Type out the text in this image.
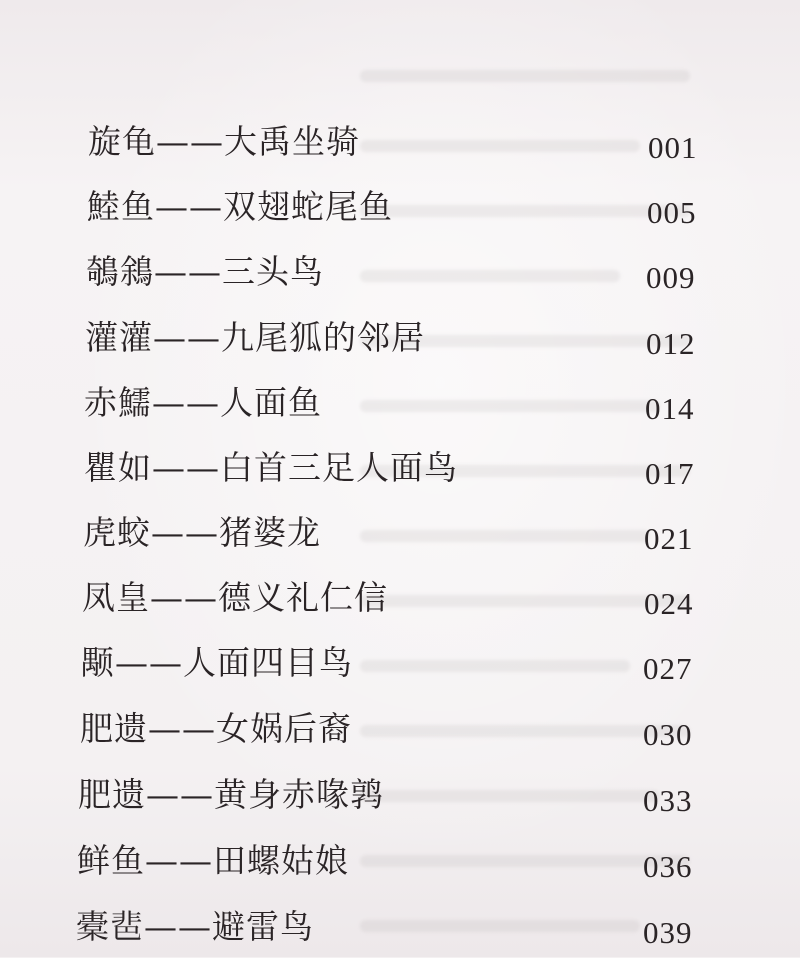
旋龟——大禹坐骑	001
鯥鱼——双翅蛇尾鱼	005
鵸䳜——三头鸟	009
灌灌——九尾狐的邻居	012
赤鱬——人面鱼	014
瞿如——白首三足人面鸟	017
虎蛟——猪婆龙	021
凤皇——德义礼仁信	024
颙——人面四目鸟	027
肥遗——女娲后裔	030
肥遗——黄身赤喙鹑	033
鲜鱼——田螺姑娘	036
橐𩇯——避雷鸟	039
